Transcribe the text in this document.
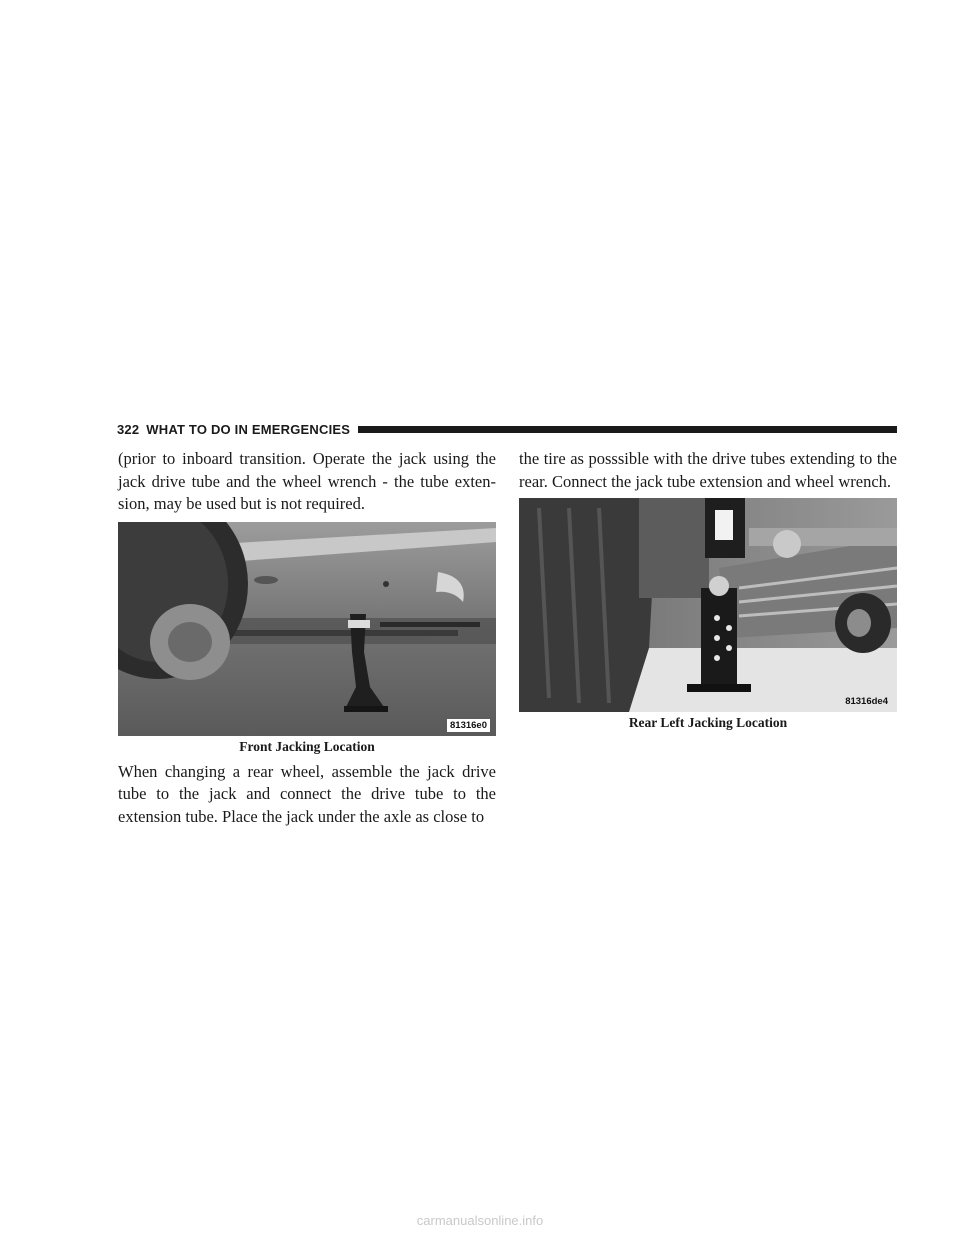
322 WHAT TO DO IN EMERGENCIES

(prior to inboard transition. Operate the jack using the jack drive tube and the wheel wrench - the tube exten- sion, may be used but is not required.

81316e0
Front Jacking Location

When changing a rear wheel, assemble the jack drive tube to the jack and connect the drive tube to the extension tube. Place the jack under the axle as close to

the tire as posssible with the drive tubes extending to the rear. Connect the jack tube extension and wheel wrench.

81316de4
Rear Left Jacking Location
carmanualsonline.info
